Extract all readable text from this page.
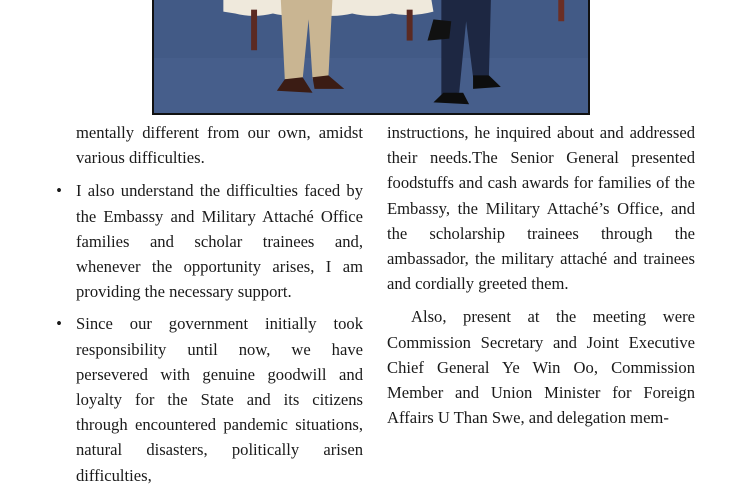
mentally different from our own, amidst various difficulties.

• I also understand the difficulties faced by the Embassy and Military Attaché Office families and scholar trainees and, whenever the opportunity arises, I am providing the necessary support.

• Since our government initially took responsibility until now, we have persevered with genuine goodwill and loyalty for the State and its citizens through encountered pandemic situations, natural disasters, politically arisen difficulties,

instructions, he inquired about and addressed their needs.The Senior General presented foodstuffs and cash awards for families of the Embassy, the Military Attaché’s Office, and the scholarship trainees through the ambassador, the military attaché and trainees and cordially greeted them.

Also, present at the meeting were Commission Secretary and Joint Executive Chief General Ye Win Oo, Commission Member and Union Minister for Foreign Affairs U Than Swe, and delegation mem-
